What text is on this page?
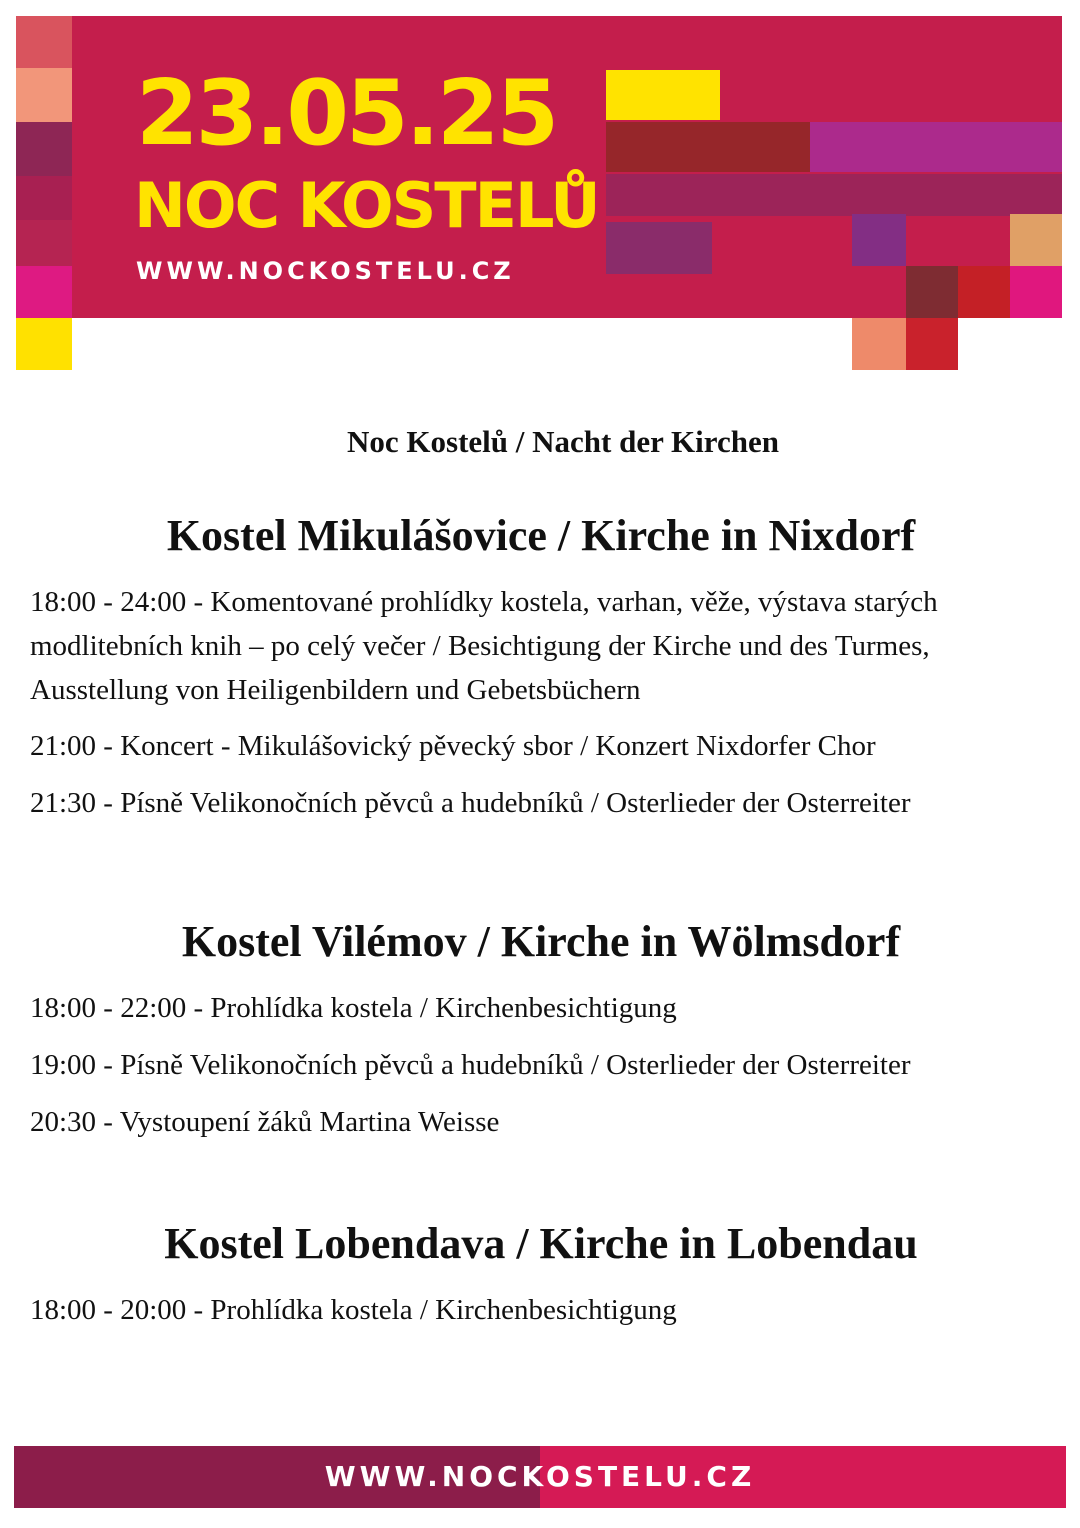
23.05.25
NOC KOSTELŮ
WWW.NOCKOSTELU.CZ
Noc Kostelů / Nacht der Kirchen
Kostel Mikulášovice / Kirche in Nixdorf
18:00 - 24:00 - Komentované prohlídky kostela, varhan, věže, výstava starých modlitebních knih – po celý večer / Besichtigung der Kirche und des Turmes, Ausstellung von Heiligenbildern und Gebetsbüchern
21:00 - Koncert - Mikulášovický pěvecký sbor / Konzert Nixdorfer Chor
21:30 - Písně Velikonočních pěvců a hudebníků / Osterlieder der Osterreiter
Kostel Vilémov / Kirche in Wölmsdorf
18:00 - 22:00 - Prohlídka kostela / Kirchenbesichtigung
19:00 - Písně Velikonočních pěvců a hudebníků / Osterlieder der Osterreiter
20:30 - Vystoupení žáků Martina Weisse
Kostel Lobendava / Kirche in Lobendau
18:00 - 20:00 - Prohlídka kostela / Kirchenbesichtigung
WWW.NOCKOSTELU.CZ
